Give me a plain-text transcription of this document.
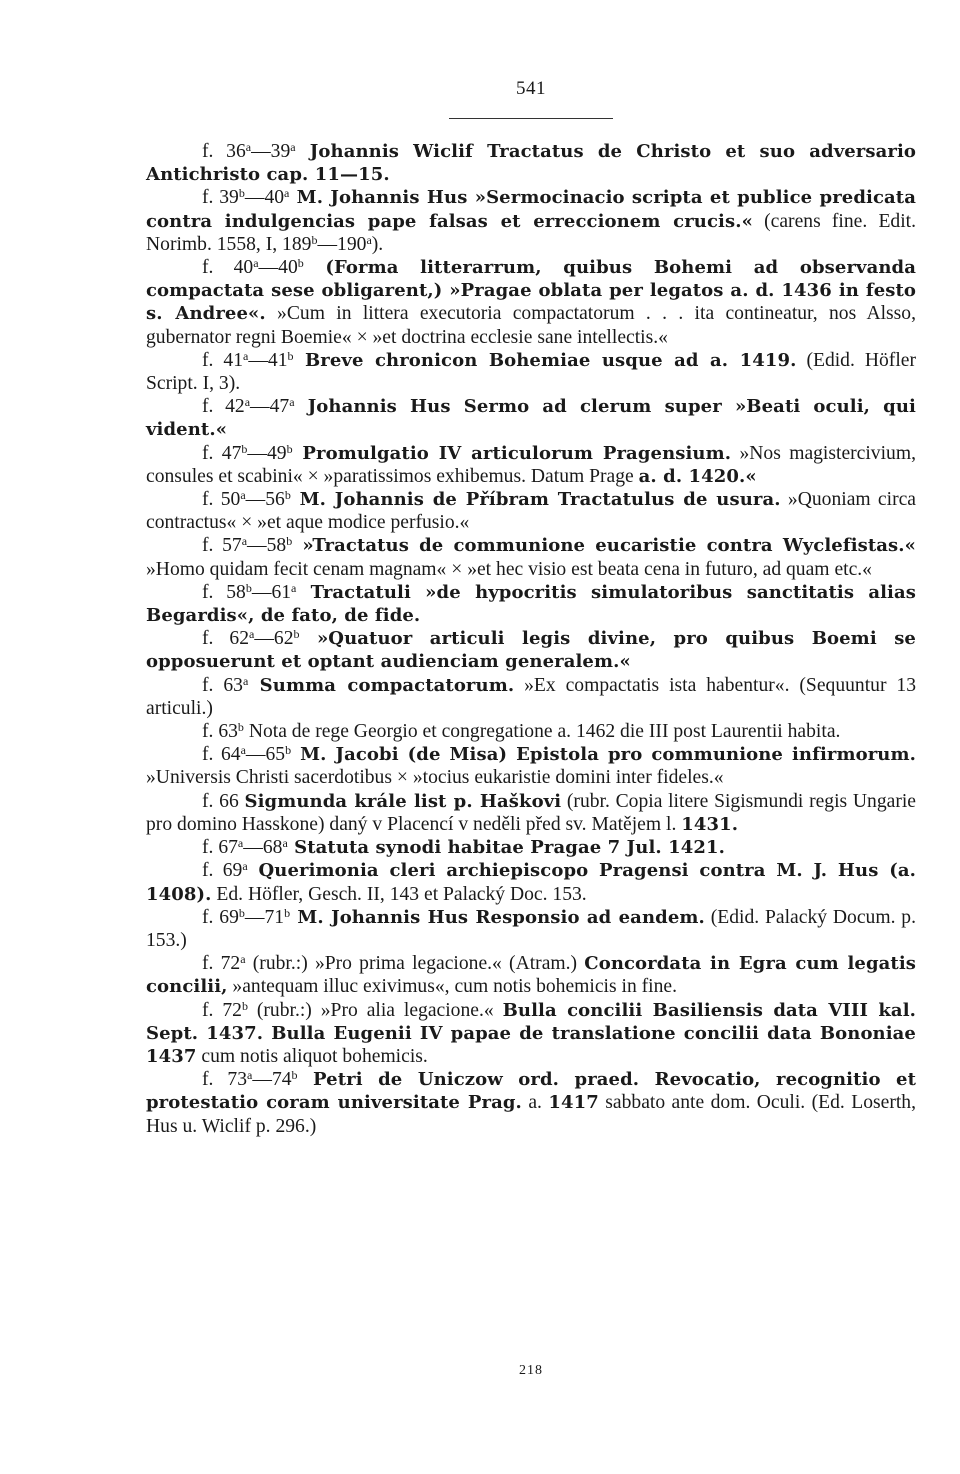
541

f. 36$^a$—39$^a$ Johannis Wiclif Tractatus de Christo et suo adversario Antichristo cap. 11—15.

f. 39$^b$—40$^a$ M. Johannis Hus »Sermocinacio scripta et publice predicata contra indulgencias pape falsas et erreccionem crucis.« (carens fine. Edit. Norimb. 1558, I, 189$^b$—190$^a$).

f. 40$^a$—40$^b$ (Forma litterarrum, quibus Bohemi ad observanda compactata sese obligarent,) »Pragae oblata per legatos a. d. 1436 in festo s. Andree«. »Cum in littera executoria compactatorum . . . ita contineatur, nos Alsso, gubernator regni Boemie« × »et doctrina ecclesie sane intellectis.«

f. 41$^a$—41$^b$ Breve chronicon Bohemiae usque ad a. 1419. (Edid. Höfler Script. I, 3).

f. 42$^a$—47$^a$ Johannis Hus Sermo ad clerum super »Beati oculi, qui vident.«

f. 47$^b$—49$^b$ Promulgatio IV articulorum Pragensium. »Nos magistercivium, consules et scabini« × »paratissimos exhibemus. Datum Prage a. d. 1420.«

f. 50$^a$—56$^b$ M. Johannis de Příbram Tractatulus de usura. »Quoniam circa contractus« × »et aque modice perfusio.«

f. 57$^a$—58$^b$ »Tractatus de communione eucaristie contra Wyclefistas.« »Homo quidam fecit cenam magnam« × »et hec visio est beata cena in futuro, ad quam etc.«

f. 58$^b$—61$^a$ Tractatuli »de hypocritis simulatoribus sanctitatis alias Begardis«, de fato, de fide.

f. 62$^a$—62$^b$ »Quatuor articuli legis divine, pro quibus Boemi se opposuerunt et optant audienciam generalem.«

f. 63$^a$ Summa compactatorum. »Ex compactatis ista habentur«. (Sequuntur 13 articuli.)

f. 63$^b$ Nota de rege Georgio et congregatione a. 1462 die III post Laurentii habita.

f. 64$^a$—65$^b$ M. Jacobi (de Misa) Epistola pro communione infirmorum. »Universis Christi sacerdotibus × »tocius eukaristie domini inter fideles.«

f. 66 Sigmunda krále list p. Haškovi (rubr. Copia litere Sigismundi regis Ungarie pro domino Hasskone) daný v Placencí v neděli před sv. Matějem l. 1431.

f. 67$^a$—68$^a$ Statuta synodi habitae Pragae 7 Jul. 1421.

f. 69$^a$ Querimonia cleri archiepiscopo Pragensi contra M. J. Hus (a. 1408). Ed. Höfler, Gesch. II, 143 et Palacký Doc. 153.

f. 69$^b$—71$^b$ M. Johannis Hus Responsio ad eandem. (Edid. Palacký Docum. p. 153.)

f. 72$^a$ (rubr.:) »Pro prima legacione.« (Atram.) Concordata in Egra cum legatis concilii, »antequam illuc exivimus«, cum notis bohemicis in fine.

f. 72$^b$ (rubr.:) »Pro alia legacione.« Bulla concilii Basiliensis data VIII kal. Sept. 1437. Bulla Eugenii IV papae de translatione concilii data Bononiae 1437 cum notis aliquot bohemicis.

f. 73$^a$—74$^b$ Petri de Uniczow ord. praed. Revocatio, recognitio et protestatio coram universitate Prag. a. 1417 sabbato ante dom. Oculi. (Ed. Loserth, Hus u. Wiclif p. 296.)

218
